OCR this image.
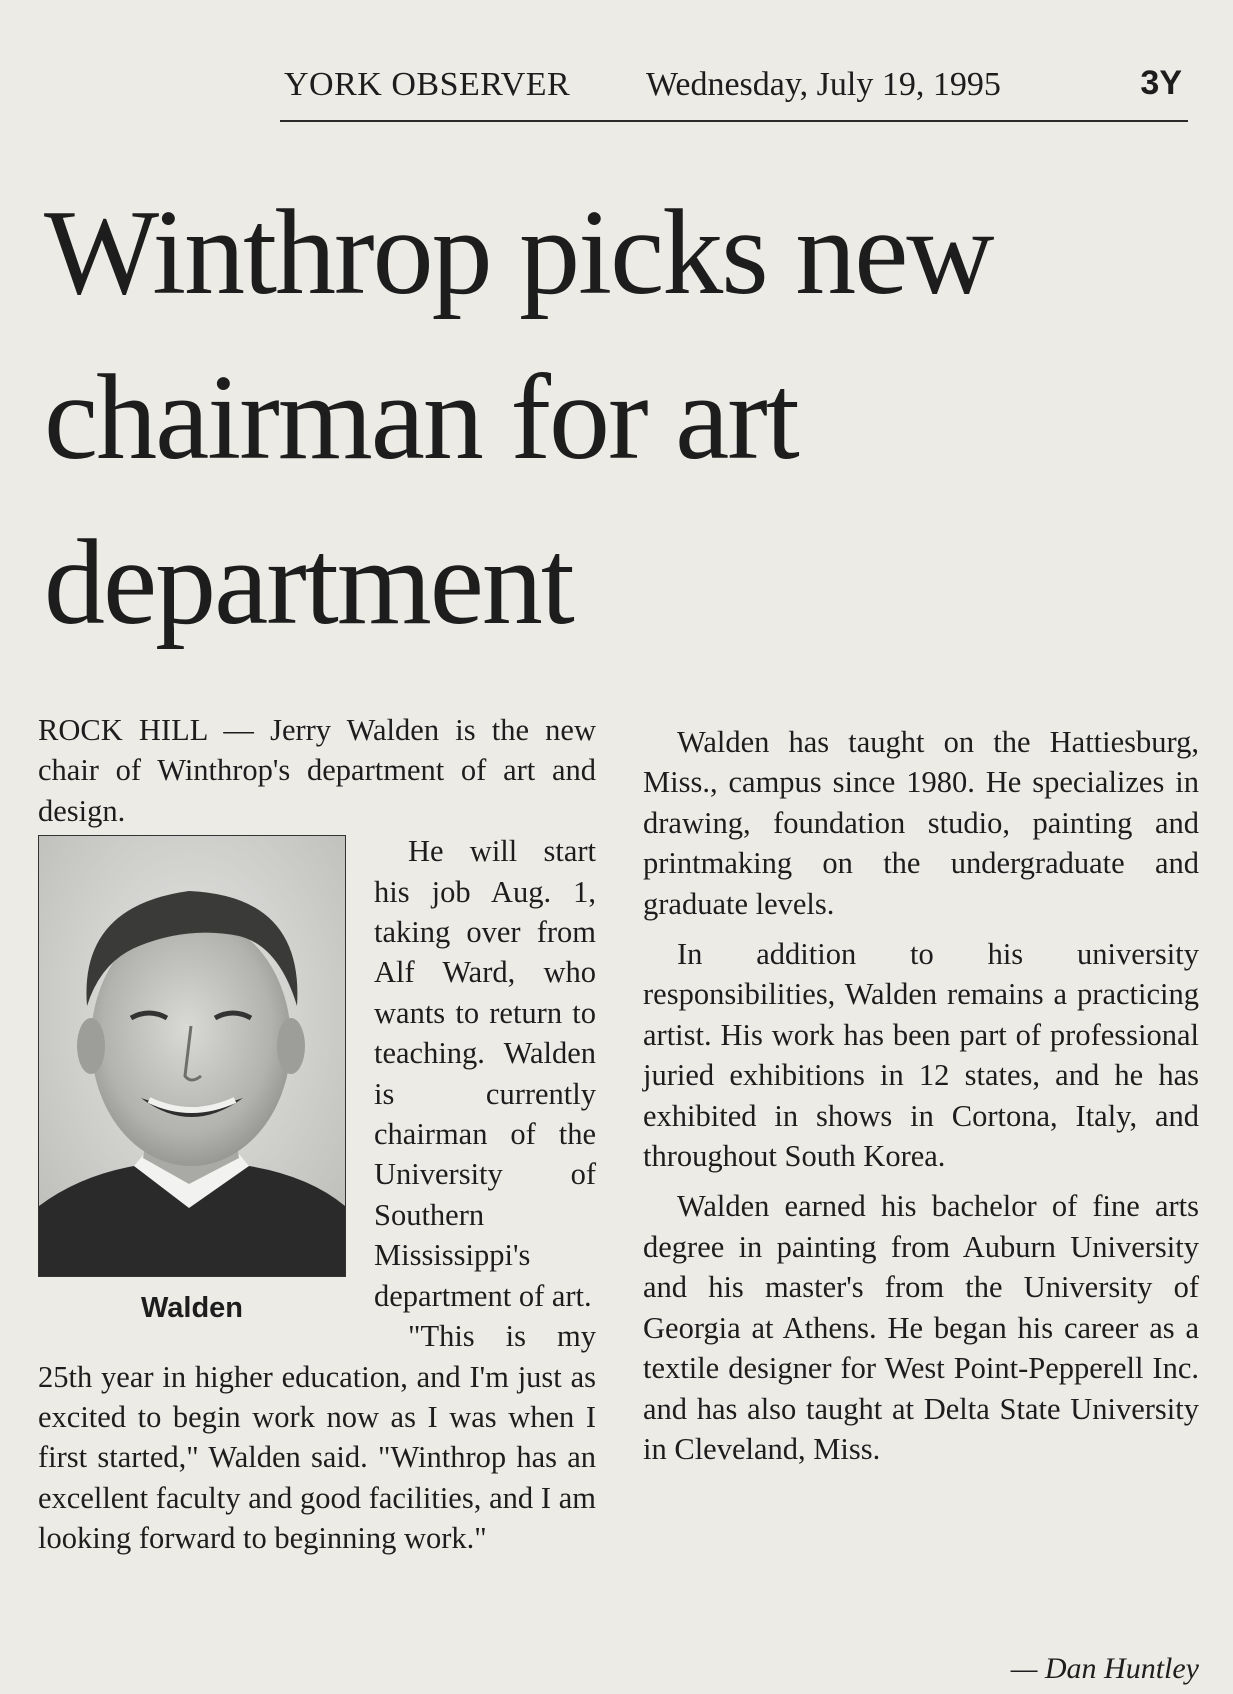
YORK OBSERVER Wednesday, July 19, 1995	3Y
Winthrop picks new chairman for art department

ROCK HILL — Jerry Walden is the new chair of Winthrop's department of art and design.

Walden

He will start his job Aug. 1, taking over from Alf Ward, who wants to return to teaching. Walden is currently chairman of the University of Southern Mississippi's department of art.

"This is my 25th year in higher education, and I'm just as excited to begin work now as I was when I first started," Walden said. "Winthrop has an excellent faculty and good facilities, and I am looking forward to beginning work."

Walden has taught on the Hattiesburg, Miss., campus since 1980. He specializes in drawing, foundation studio, painting and printmaking on the undergraduate and graduate levels.

In addition to his university responsibilities, Walden remains a practicing artist. His work has been part of professional juried exhibitions in 12 states, and he has exhibited in shows in Cortona, Italy, and throughout South Korea.

Walden earned his bachelor of fine arts degree in painting from Auburn University and his master's from the University of Georgia at Athens. He began his career as a textile designer for West Point-Pepperell Inc. and has also taught at Delta State University in Cleveland, Miss.

— Dan Huntley
